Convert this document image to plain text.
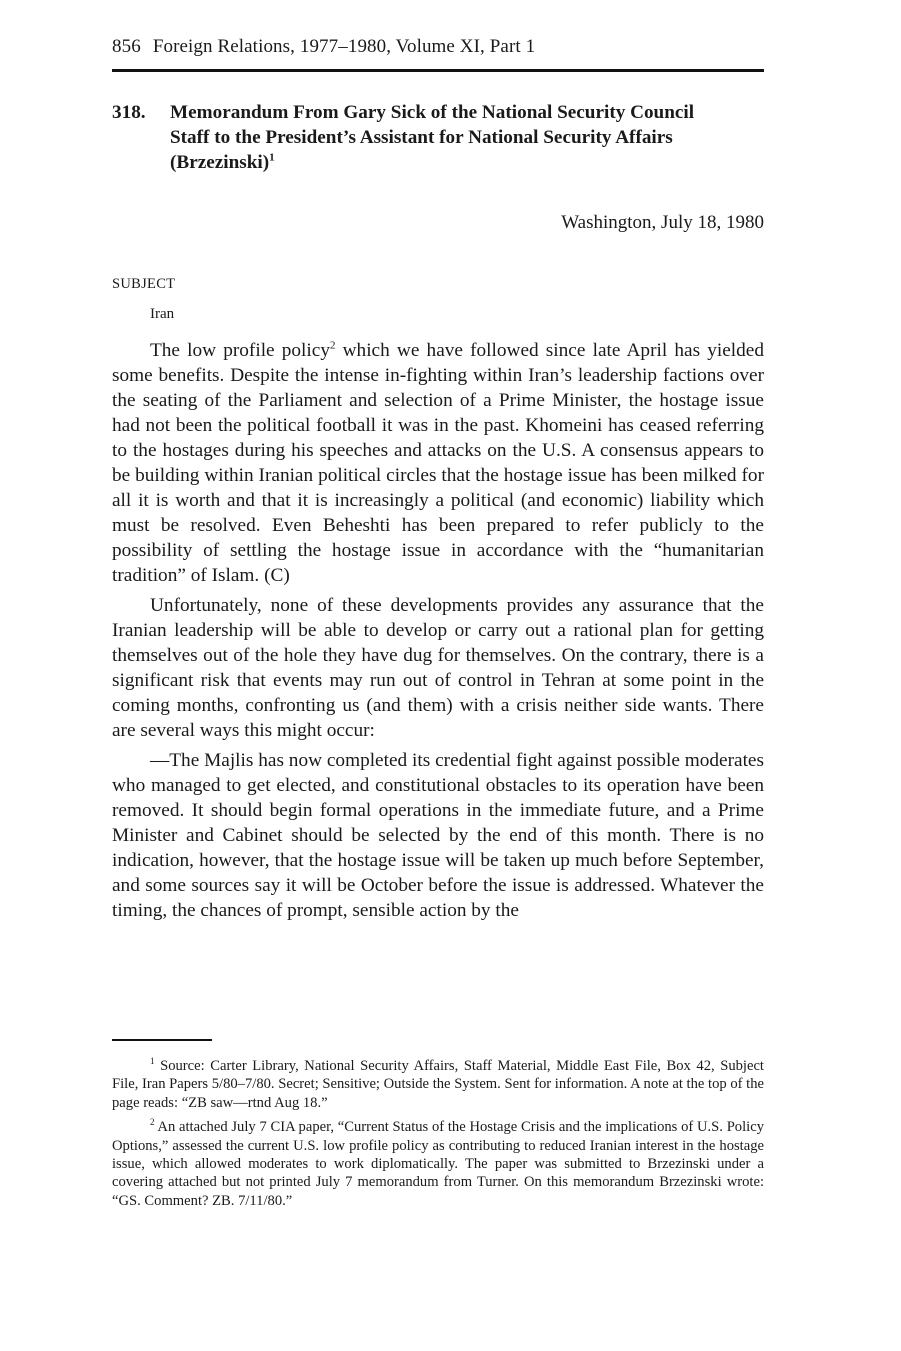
856 Foreign Relations, 1977–1980, Volume XI, Part 1
318. Memorandum From Gary Sick of the National Security Council Staff to the President’s Assistant for National Security Affairs (Brzezinski)$^1$
Washington, July 18, 1980
SUBJECT
Iran

The low profile policy$^2$ which we have followed since late April has yielded some benefits. Despite the intense in-fighting within Iran’s leadership factions over the seating of the Parliament and selection of a Prime Minister, the hostage issue had not been the political football it was in the past. Khomeini has ceased referring to the hostages during his speeches and attacks on the U.S. A consensus appears to be building within Iranian political circles that the hostage issue has been milked for all it is worth and that it is increasingly a political (and economic) liability which must be resolved. Even Beheshti has been prepared to refer publicly to the possibility of settling the hostage issue in accordance with the “humanitarian tradition” of Islam. (C)

Unfortunately, none of these developments provides any assurance that the Iranian leadership will be able to develop or carry out a rational plan for getting themselves out of the hole they have dug for themselves. On the contrary, there is a significant risk that events may run out of control in Tehran at some point in the coming months, confronting us (and them) with a crisis neither side wants. There are several ways this might occur:

—The Majlis has now completed its credential fight against possible moderates who managed to get elected, and constitutional obstacles to its operation have been removed. It should begin formal operations in the immediate future, and a Prime Minister and Cabinet should be selected by the end of this month. There is no indication, however, that the hostage issue will be taken up much before September, and some sources say it will be October before the issue is addressed. Whatever the timing, the chances of prompt, sensible action by the

$^1$ Source: Carter Library, National Security Affairs, Staff Material, Middle East File, Box 42, Subject File, Iran Papers 5/80–7/80. Secret; Sensitive; Outside the System. Sent for information. A note at the top of the page reads: “ZB saw—rtnd Aug 18.”

$^2$ An attached July 7 CIA paper, “Current Status of the Hostage Crisis and the implications of U.S. Policy Options,” assessed the current U.S. low profile policy as contributing to reduced Iranian interest in the hostage issue, which allowed moderates to work diplomatically. The paper was submitted to Brzezinski under a covering attached but not printed July 7 memorandum from Turner. On this memorandum Brzezinski wrote: “GS. Comment? ZB. 7/11/80.”
